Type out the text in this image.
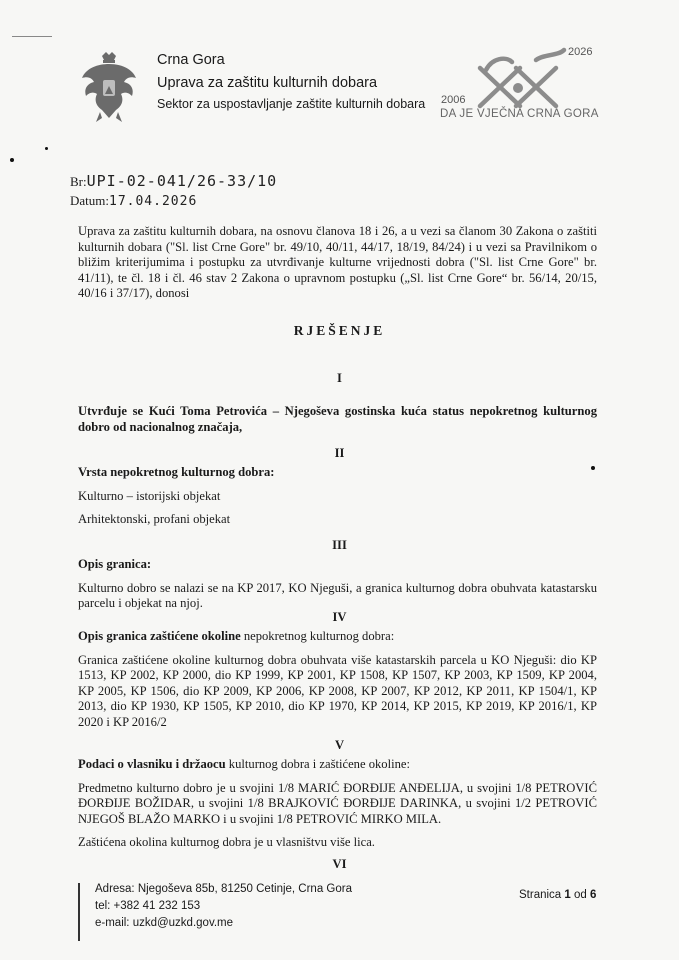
Crna Gora
Uprava za zaštitu kulturnih dobara
Sektor za uspostavljanje zaštite kulturnih dobara 2006
2026
DA JE VJEČNA CRNA GORA
Br:UPI-02-041/26-33/10
Datum:17.04.2026

Uprava za zaštitu kulturnih dobara, na osnovu članova 18 i 26, a u vezi sa članom 30 Zakona o zaštiti kulturnih dobara ("Sl. list Crne Gore" br. 49/10, 40/11, 44/17, 18/19, 84/24) i u vezi sa Pravilnikom o bližim kriterijumima i postupku za utvrđivanje kulturne vrijednosti dobra ("Sl. list Crne Gore" br. 41/11), te čl. 18 i čl. 46 stav 2 Zakona o upravnom postupku („Sl. list Crne Gore“ br. 56/14, 20/15, 40/16 i 37/17), donosi

RJEŠENJE
I

Utvrđuje se Kući Toma Petrovića – Njegoševa gostinska kuća status nepokretnog kulturnog dobro od nacionalnog značaja,

II

Vrsta nepokretnog kulturnog dobra:

Kulturno – istorijski objekat

Arhitektonski, profani objekat

III

Opis granica:

Kulturno dobro se nalazi se na KP 2017, KO Njeguši, a granica kulturnog dobra obuhvata katastarsku parcelu i objekat na njoj.

IV

Opis granica zaštićene okoline nepokretnog kulturnog dobra:

Granica zaštićene okoline kulturnog dobra obuhvata više katastarskih parcela u KO Njeguši: dio KP 1513, KP 2002, KP 2000, dio KP 1999, KP 2001, KP 1508, KP 1507, KP 2003, KP 1509, KP 2004, KP 2005, KP 1506, dio KP 2009, KP 2006, KP 2008, KP 2007, KP 2012, KP 2011, KP 1504/1, KP 2013, dio KP 1930, KP 1505, KP 2010, dio KP 1970, KP 2014, KP 2015, KP 2019, KP 2016/1, KP 2020 i KP 2016/2

V

Podaci o vlasniku i držaocu kulturnog dobra i zaštićene okoline:

Predmetno kulturno dobro je u svojini 1/8 MARIĆ ĐORĐIJE ANĐELIJA, u svojini 1/8 PETROVIĆ ĐORĐIJE BOŽIDAR, u svojini 1/8 BRAJKOVIĆ ĐORĐIJE DARINKA, u svojini 1/2 PETROVIĆ NJEGOŠ BLAŽO MARKO i u svojini 1/8 PETROVIĆ MIRKO MILA.

Zaštićena okolina kulturnog dobra je u vlasništvu više lica.

VI
Adresa: Njegoševa 85b, 81250 Cetinje, Crna Gora
tel: +382 41 232 153
e-mail: uzkd@uzkd.gov.me
Stranica 1 od 6
